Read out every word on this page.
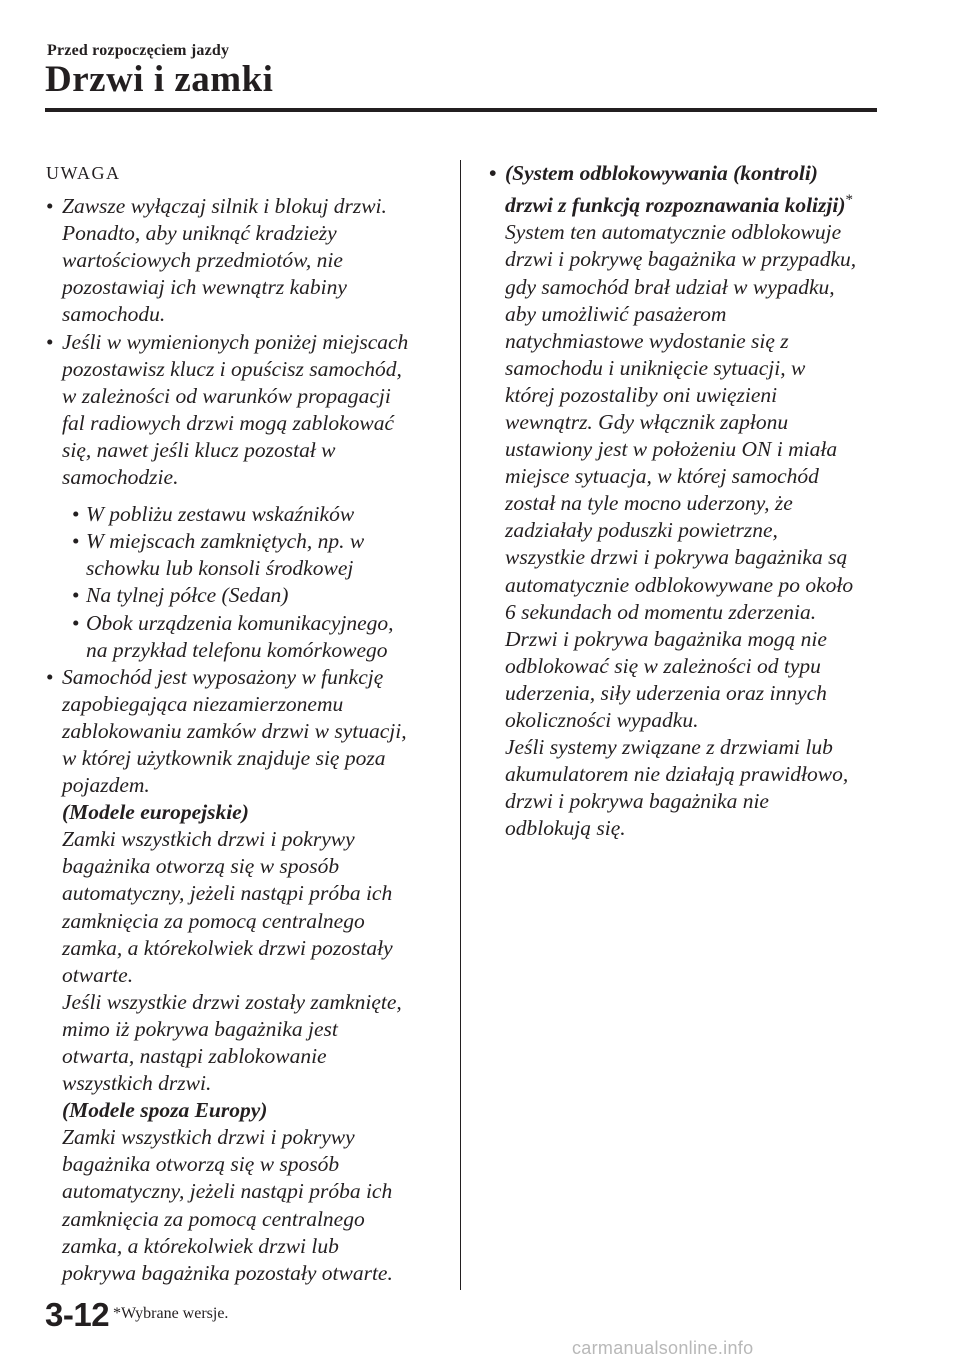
Przed rozpoczęciem jazdy
Drzwi i zamki
UWAGA
• Zawsze wyłączaj silnik i blokuj drzwi.
Ponadto, aby uniknąć kradzieży
wartościowych przedmiotów, nie
pozostawiaj ich wewnątrz kabiny
samochodu.
• Jeśli w wymienionych poniżej miejscach
pozostawisz klucz i opuścisz samochód,
w zależności od warunków propagacji
fal radiowych drzwi mogą zablokować
się, nawet jeśli klucz pozostał w
samochodzie.
• W pobliżu zestawu wskaźników
• W miejscach zamkniętych, np. w
schowku lub konsoli środkowej
• Na tylnej półce (Sedan)
• Obok urządzenia komunikacyjnego,
na przykład telefonu komórkowego
• Samochód jest wyposażony w funkcję
zapobiegająca niezamierzonemu
zablokowaniu zamków drzwi w sytuacji,
w której użytkownik znajduje się poza
pojazdem.
(Modele europejskie)
Zamki wszystkich drzwi i pokrywy
bagażnika otworzą się w sposób
automatyczny, jeżeli nastąpi próba ich
zamknięcia za pomocą centralnego
zamka, a którekolwiek drzwi pozostały
otwarte.
Jeśli wszystkie drzwi zostały zamknięte,
mimo iż pokrywa bagażnika jest
otwarta, nastąpi zablokowanie
wszystkich drzwi.
(Modele spoza Europy)
Zamki wszystkich drzwi i pokrywy
bagażnika otworzą się w sposób
automatyczny, jeżeli nastąpi próba ich
zamknięcia za pomocą centralnego
zamka, a którekolwiek drzwi lub
pokrywa bagażnika pozostały otwarte.
• (System odblokowywania (kontroli)
drzwi z funkcją rozpoznawania kolizji)*
System ten automatycznie odblokowuje
drzwi i pokrywę bagażnika w przypadku,
gdy samochód brał udział w wypadku,
aby umożliwić pasażerom
natychmiastowe wydostanie się z
samochodu i uniknięcie sytuacji, w
której pozostaliby oni uwięzieni
wewnątrz. Gdy włącznik zapłonu
ustawiony jest w położeniu ON i miała
miejsce sytuacja, w której samochód
został na tyle mocno uderzony, że
zadziałały poduszki powietrzne,
wszystkie drzwi i pokrywa bagażnika są
automatycznie odblokowywane po około
6 sekundach od momentu zderzenia.
Drzwi i pokrywa bagażnika mogą nie
odblokować się w zależności od typu
uderzenia, siły uderzenia oraz innych
okoliczności wypadku.
Jeśli systemy związane z drzwiami lub
akumulatorem nie działają prawidłowo,
drzwi i pokrywa bagażnika nie
odblokują się.
3-12 *Wybrane wersje.
carmanualsonline.info
